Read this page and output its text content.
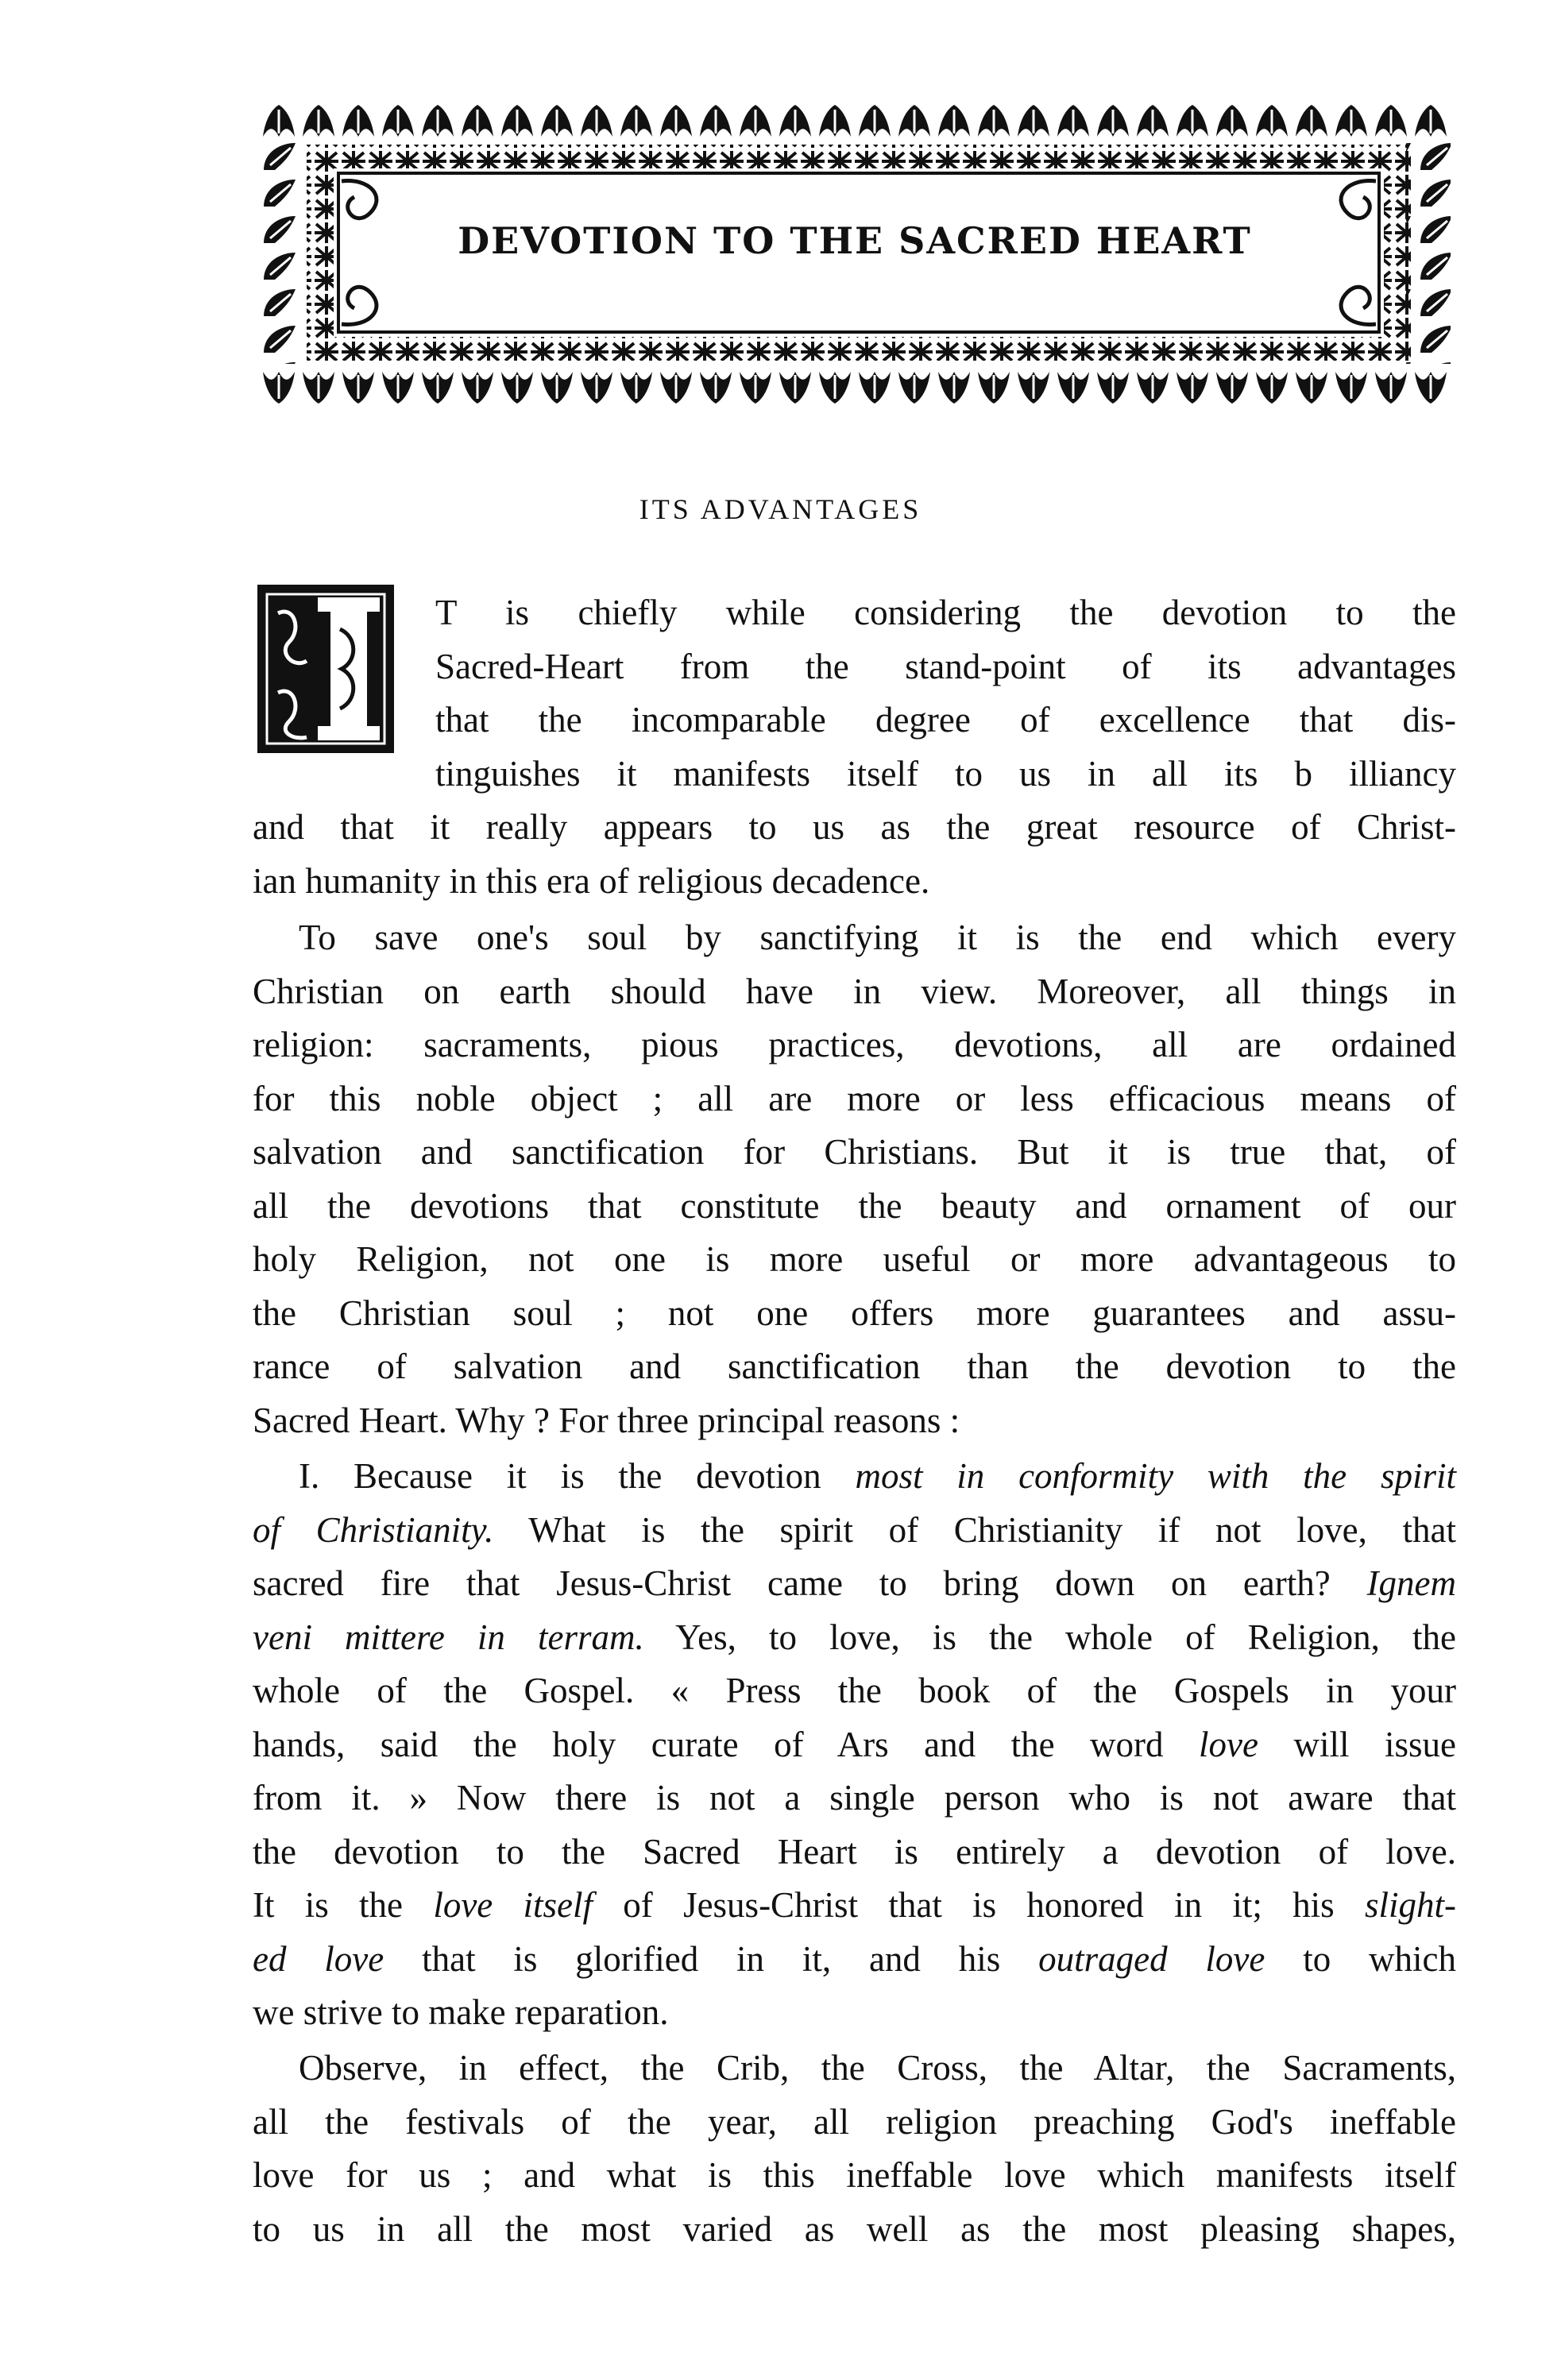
DEVOTION TO THE SACRED HEART
ITS ADVANTAGES
T is chiefly while considering the devotion to the
Sacred-Heart from the stand-point of its advantages
that the incomparable degree of excellence that dis-
tinguishes it manifests itself to us in all its b illiancy
and that it really appears to us as the great resource of Christ-
ian humanity in this era of religious decadence.
To save one's soul by sanctifying it is the end which every
Christian on earth should have in view. Moreover, all things in
religion: sacraments, pious practices, devotions, all are ordained
for this noble object ; all are more or less efficacious means of
salvation and sanctification for Christians. But it is true that, of
all the devotions that constitute the beauty and ornament of our
holy Religion, not one is more useful or more advantageous to
the Christian soul ; not one offers more guarantees and assu-
rance of salvation and sanctification than the devotion to the
Sacred Heart. Why ? For three principal reasons :
I. Because it is the devotion most in conformity with the spirit
of Christianity. What is the spirit of Christianity if not love, that
sacred fire that Jesus-Christ came to bring down on earth? Ignem
veni mittere in terram. Yes, to love, is the whole of Religion, the
whole of the Gospel. « Press the book of the Gospels in your
hands, said the holy curate of Ars and the word love will issue
from it. » Now there is not a single person who is not aware that
the devotion to the Sacred Heart is entirely a devotion of love.
It is the love itself of Jesus-Christ that is honored in it; his slight-
ed love that is glorified in it, and his outraged love to which
we strive to make reparation.
Observe, in effect, the Crib, the Cross, the Altar, the Sacraments,
all the festivals of the year, all religion preaching God's ineffable
love for us ; and what is this ineffable love which manifests itself
to us in all the most varied as well as the most pleasing shapes,
